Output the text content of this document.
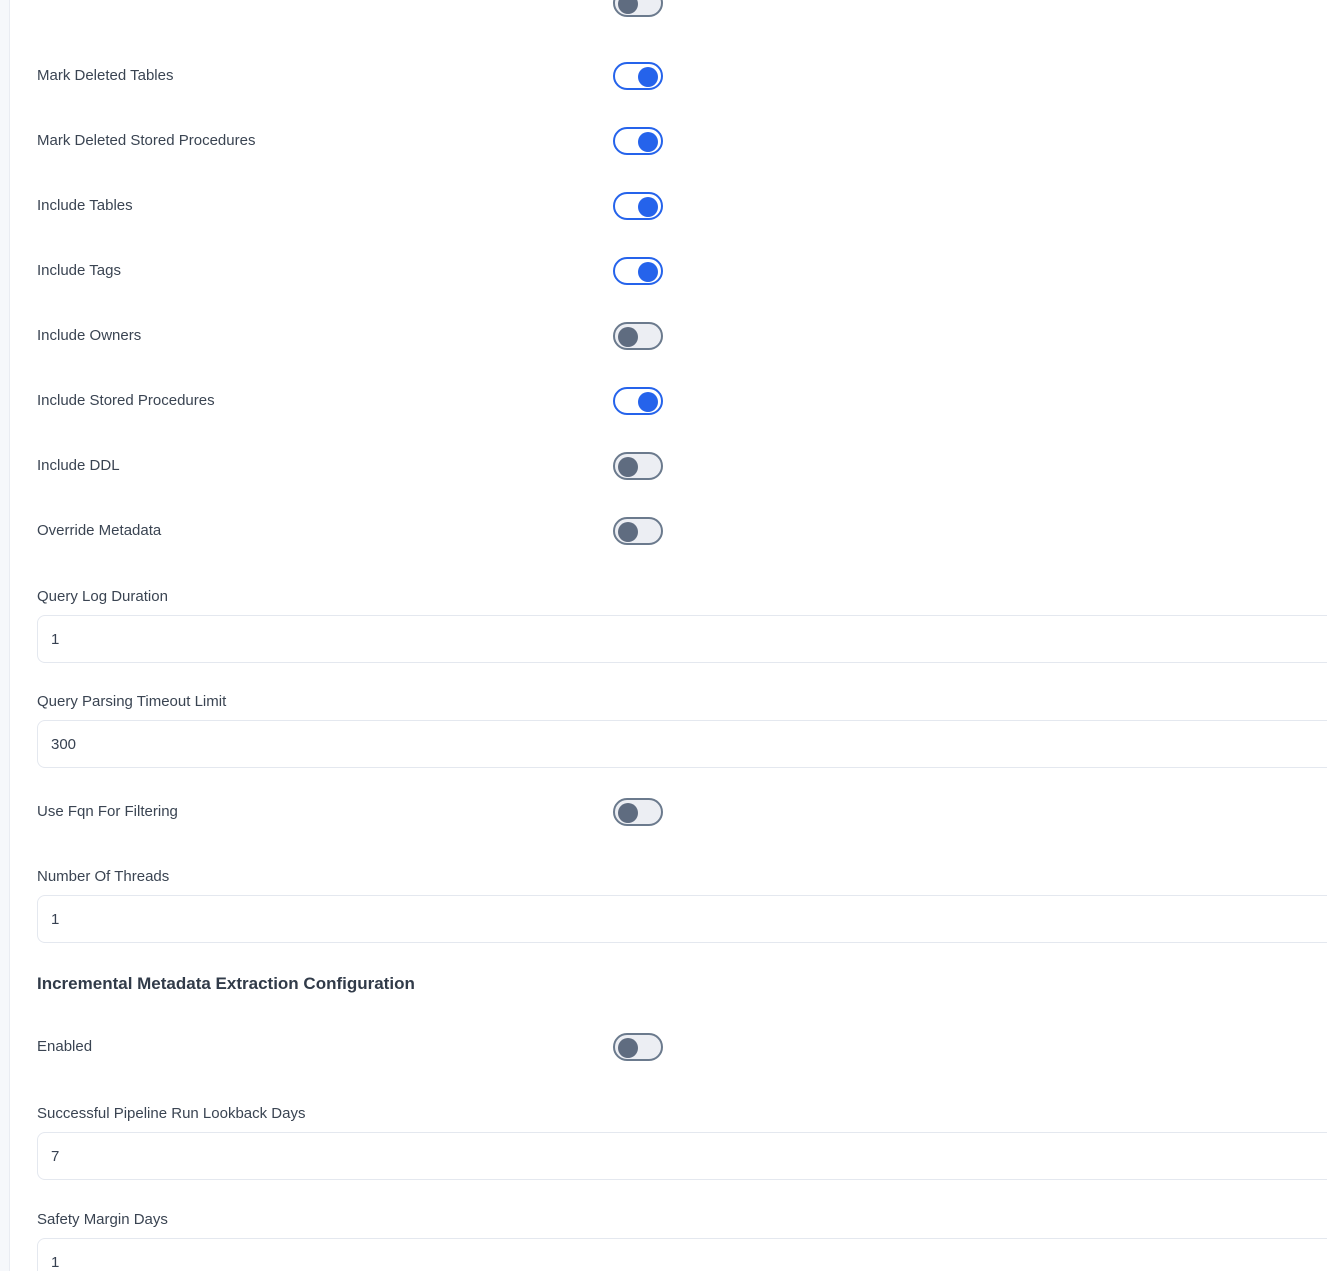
Mark Deleted Tables
Mark Deleted Stored Procedures
Include Tables
Include Tags
Include Owners
Include Stored Procedures
Include DDL
Override Metadata
Query Log Duration
1
Query Parsing Timeout Limit
300
Use Fqn For Filtering
Number Of Threads
1
Incremental Metadata Extraction Configuration
Enabled
Successful Pipeline Run Lookback Days
7
Safety Margin Days
1
